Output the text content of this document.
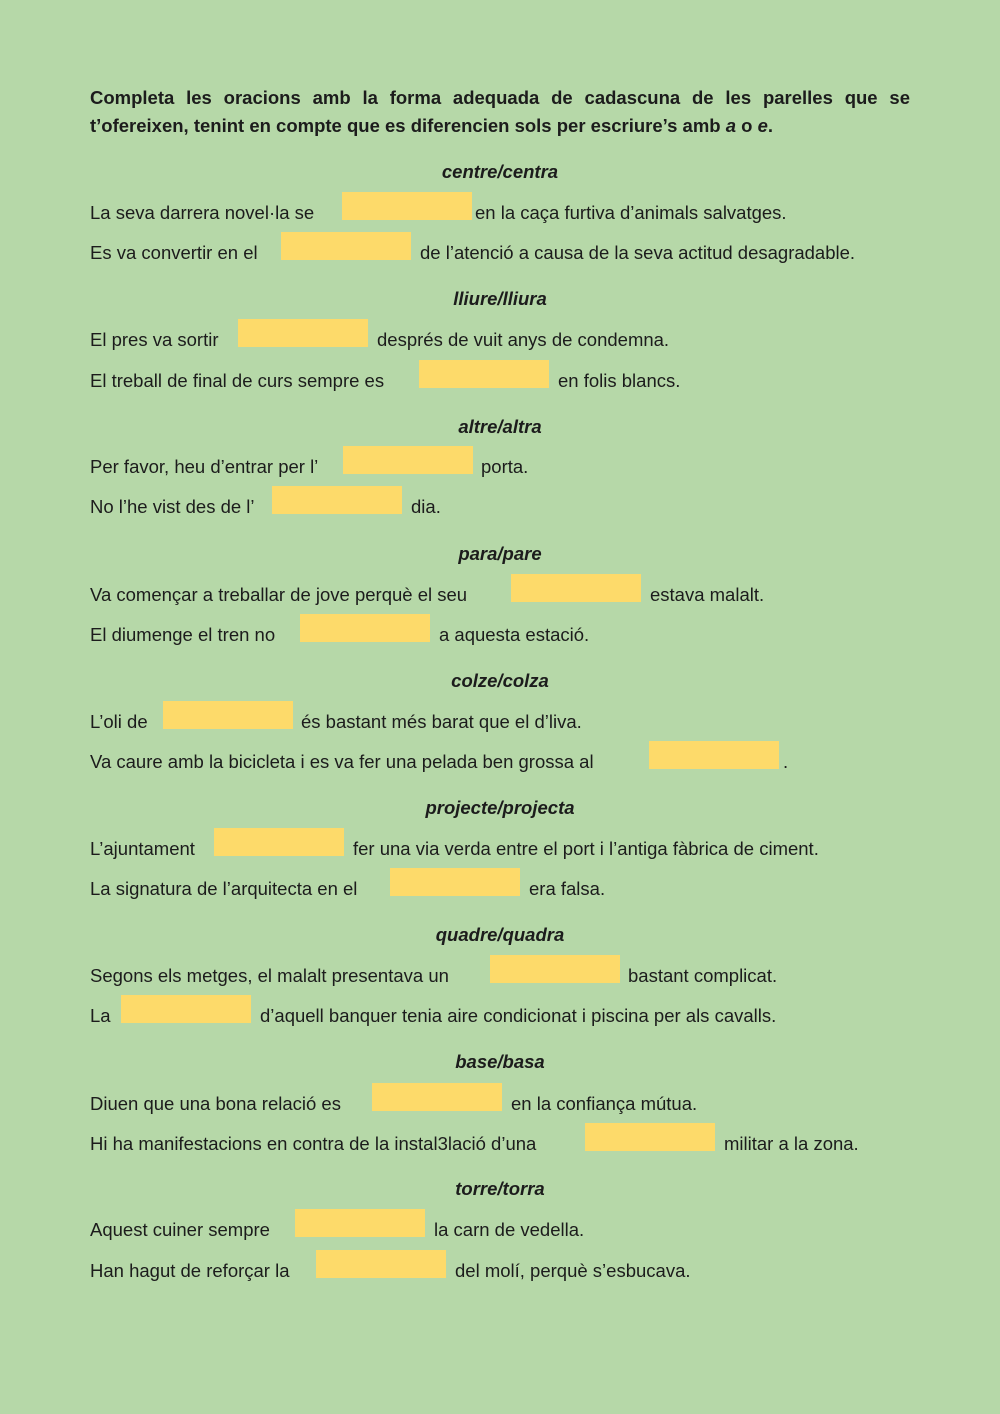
Completa les oracions amb la forma adequada de cadascuna de les parelles que se t’ofereixen, tenint en compte que es diferencien sols per escriure’s amb a o e.
centre/centra
La seva darrera novel·la se	en la caça furtiva d’animals salvatges.
Es va convertir en el	de l’atenció a causa de la seva actitud desagradable.
lliure/lliura
El pres va sortir	després de vuit anys de condemna.
El treball de final de curs sempre es	en folis blancs.
altre/altra
Per favor, heu d’entrar per l’	porta.
No l’he vist des de l’	dia.
para/pare
Va començar a treballar de jove perquè el seu	estava malalt.
El diumenge el tren no	a aquesta estació.
colze/colza
L’oli de	és bastant més barat que el d’liva.
Va caure amb la bicicleta i es va fer una pelada ben grossa al	.
projecte/projecta
L’ajuntament	fer una via verda entre el port i l’antiga fàbrica de ciment.
La signatura de l’arquitecta en el	era falsa.
quadre/quadra
Segons els metges, el malalt presentava un	bastant complicat.
La	d’aquell banquer tenia aire condicionat i piscina per als cavalls.
base/basa
Diuen que una bona relació es	en la confiança mútua.
Hi ha manifestacions en contra de la instal3lació d’una	militar a la zona.
torre/torra
Aquest cuiner sempre	la carn de vedella.
Han hagut de reforçar la	del molí, perquè s’esbucava.
